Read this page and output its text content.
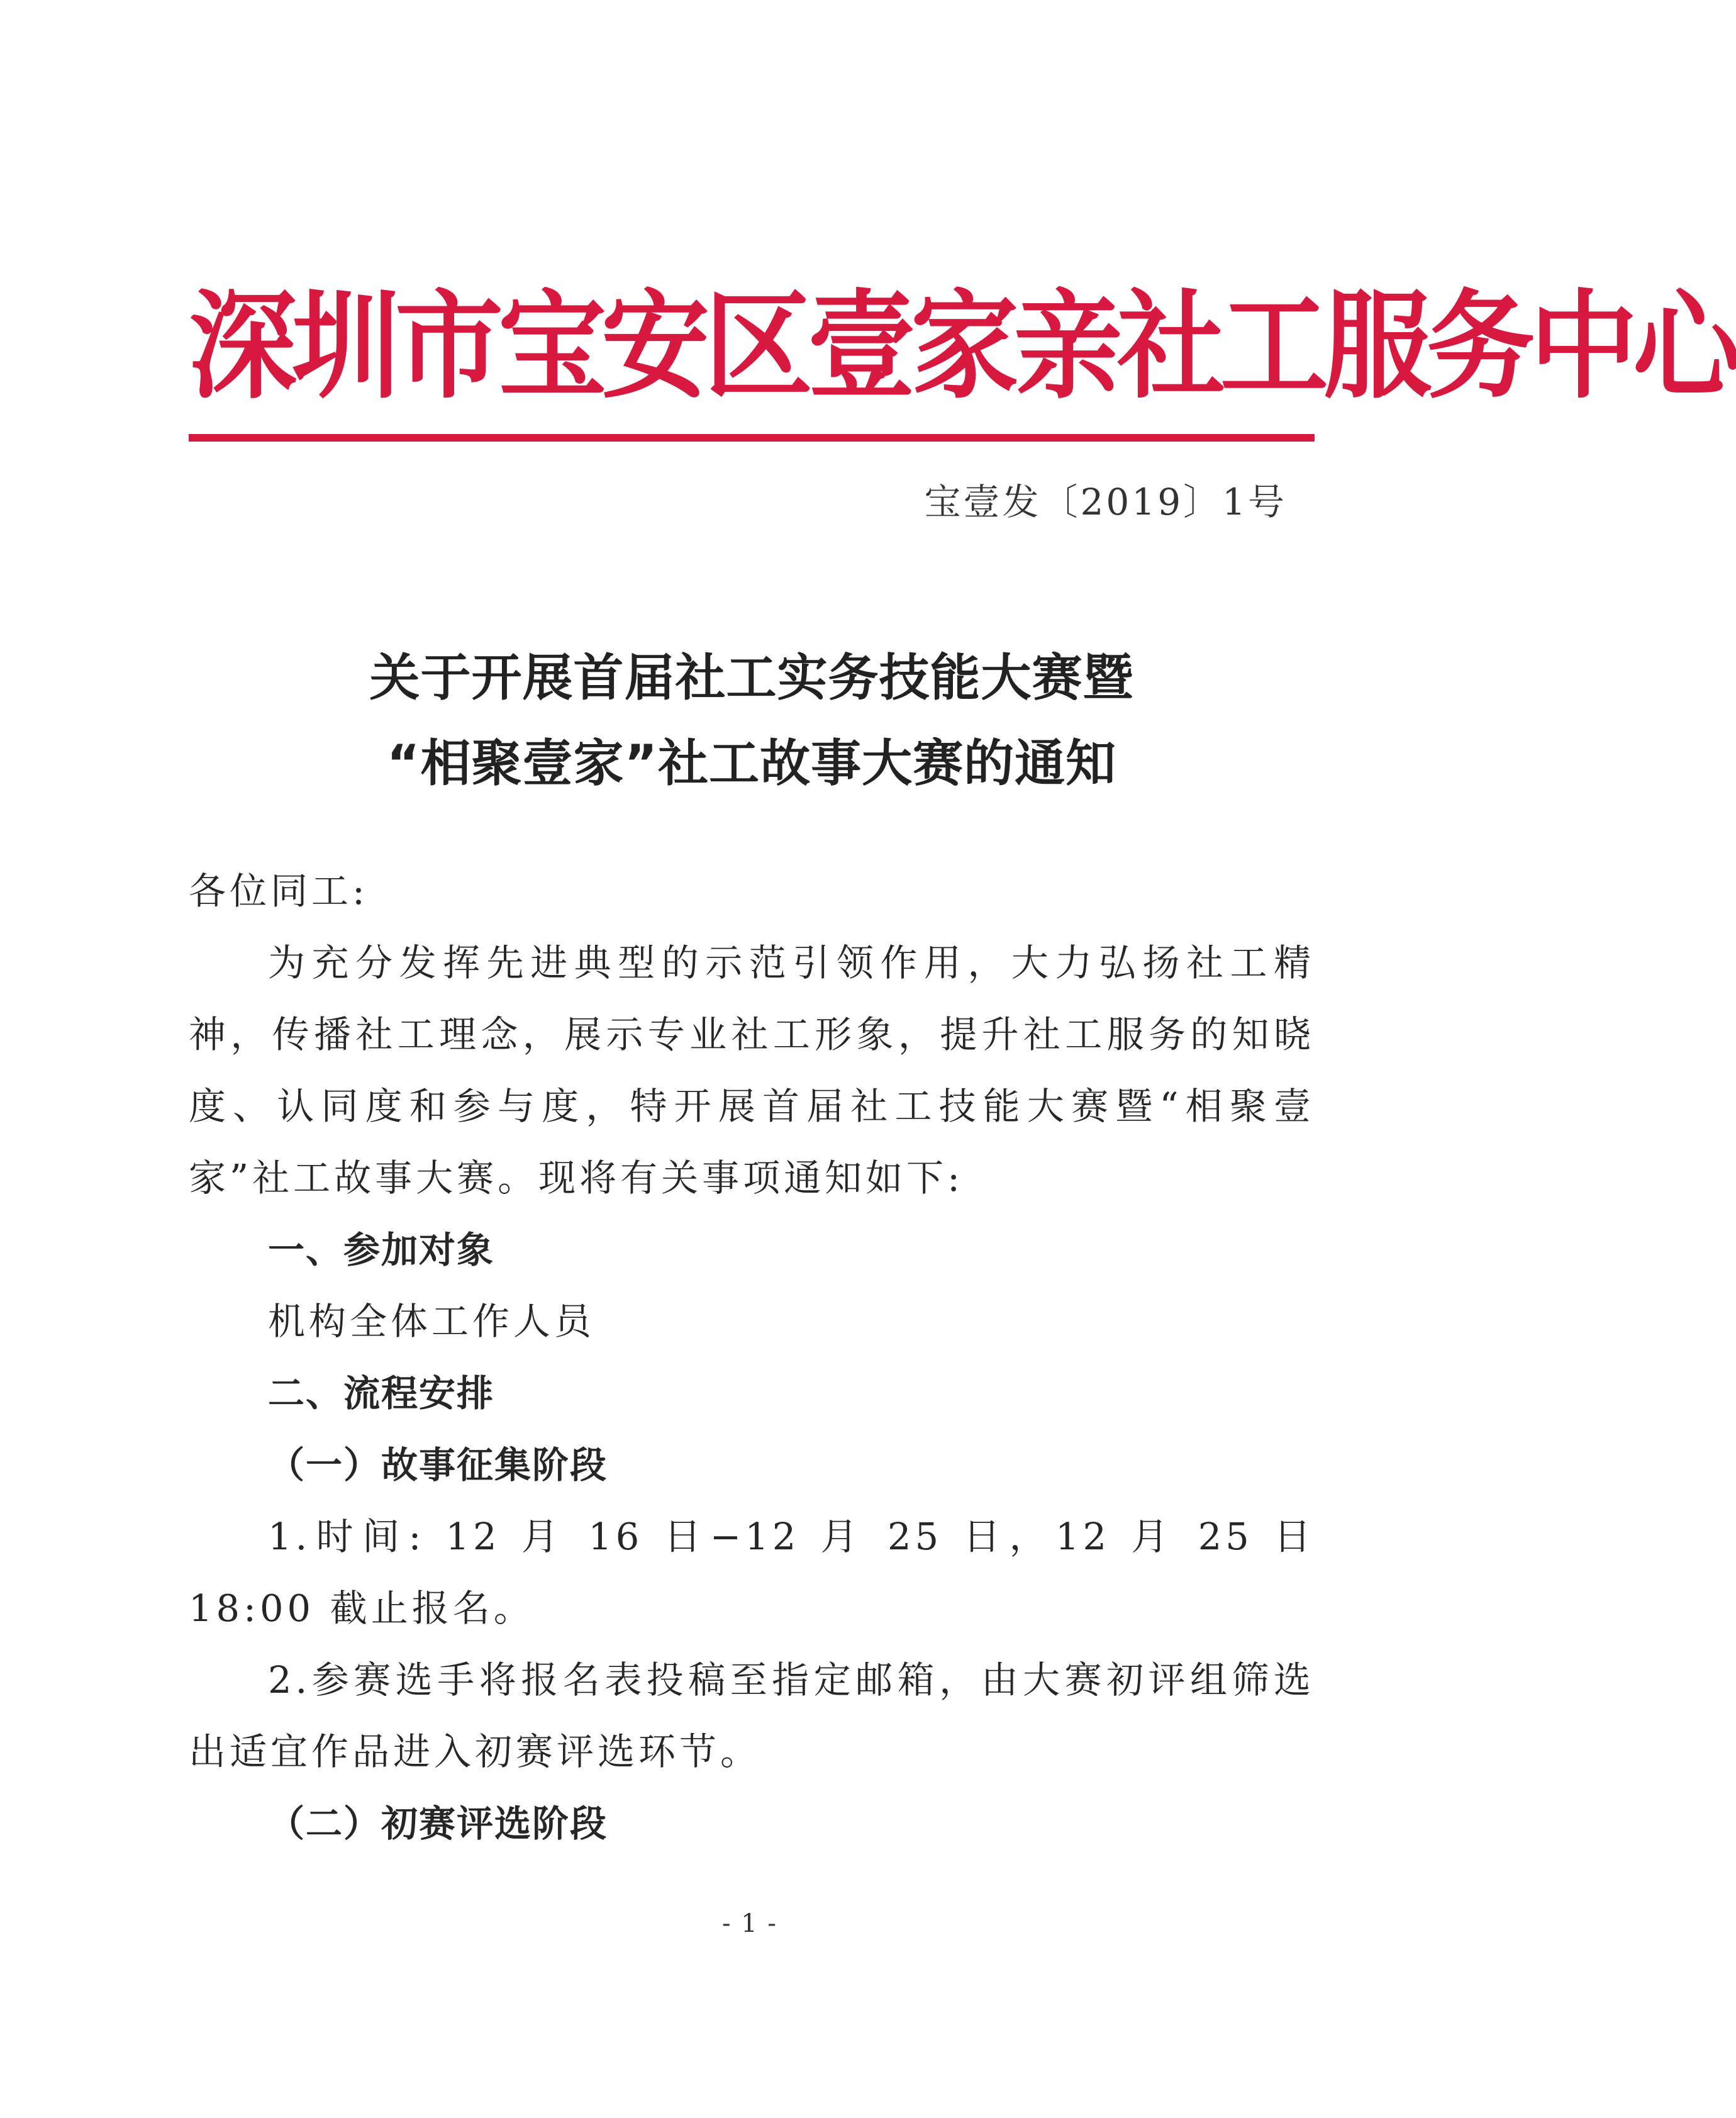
深圳市宝安区壹家亲社工服务中心
宝壹发〔2019〕1号
关于开展首届社工实务技能大赛暨
“相聚壹家”社工故事大赛的通知

各位同工:

为充分发挥先进典型的示范引领作用，大力弘扬社工精神，传播社工理念，展示专业社工形象，提升社工服务的知晓度、认同度和参与度，特开展首届社工技能大赛暨“相聚壹家”社工故事大赛。现将有关事项通知如下:

一、参加对象

机构全体工作人员

二、流程安排

（一）故事征集阶段

1.时间: 12 月 16 日−12 月 25 日，12 月 25 日 18:00 截止报名。

2.参赛选手将报名表投稿至指定邮箱，由大赛初评组筛选出适宜作品进入初赛评选环节。

（二）初赛评选阶段

- 1 -
